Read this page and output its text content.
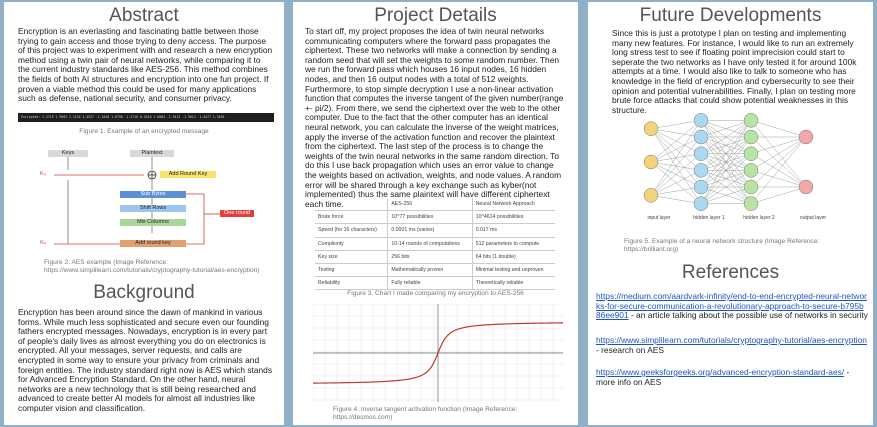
Abstract
Encryption is an everlasting and fascinating battle between those trying to gain access and those trying to deny access. The purpose of this project was to experiment with and research a new encryption method using a twin pair of neural networks, while comparing it to the current industry standards like AES-256. This method combines the fields of both AI structures and encryption into one fun project. If proven a viable method this could be used for many applications such as defense, national security, and consumer privacy.
Encrypted:-1.2719 1.9903 1.1134 1.4527 -1.1016 1.0798 -1.2710 0.5410 1.0084 -1.3413 -1.9614 -1.4477 1.3405
Figure 1. Example of an encrypted message
Keys	Plaintext
K₀	Add Round Key
Sub Bytes
Shift Rows
Mix Columns
Add round key
Kₙ
One round
Figure 2. AES example (Image Reference: https://www.simplilearn.com/tutorials/cryptography-tutorial/aes-encryption)
Background
Encryption has been around since the dawn of mankind in various forms. While much less sophisticated and secure even our founding fathers encrypted messages. Nowadays, encryption is in every part of people's daily lives as almost everything you do on electronics is encrypted. All your messages, server requests, and calls are encrypted in some way to ensure your privacy from criminals and foreign entities. The industry standard right now is AES which stands for Advanced Encryption Standard. On the other hand, neural networks are a new technology that is still being researched and advanced to create better AI models for almost all industries like computer vision and classification.
Project Details
To start off, my project proposes the idea of twin neural networks communicating computers where the forward pass propagates the ciphertext. These two networks will make a connection by sending a random seed that will set the weights to some random number. Then we run the forward pass which houses 16 input nodes, 16 hidden nodes, and then 16 output nodes with a total of 512 weights. Furthermore, to stop simple decryption I use a non-linear activation function that computes the inverse tangent of the given number(range +- pi/2). From there, we send the ciphertext over the web to the other computer. Due to the fact that the other computer has an identical neural network, you can calculate the inverse of the weight matrices, apply the inverse of the activation function and recover the plaintext from the ciphertext. The last step of the process is to change the weights of the twin neural networks in the same random direction. To do this I use back propagation which uses an error value to change the weights based on activation, weights, and node values. A random error will be shared through a key exchange such as kyber(not implemented) thus the same plaintext will have different ciphertext each time.
		AES-256	Neural Network Approach
Brute force	10^77 possibilities	10^4614 possibilities
Speed (for 16 characters)	0.0001 ms (varies)	0.017 ms
Complexity	10-14 rounds of computations	512 parameters to compute
Key size	256 bits	64 bits (1 double)
Testing	Mathematically proven	Minimal testing and unproven
Reliability	Fully reliable	Theoretically reliable
Figure 3. Chart I made comparing my encryption to AES-256
Figure 4. Inverse tangent activation function (Image Reference: https://desmos.com)
Future Developments
Since this is just a prototype I plan on testing and implementing many new features. For instance, I would like to run an extremely long stress test to see if floating point imprecision could start to seperate the two networks as I have only tested it for around 100k attempts at a time. I would also like to talk to someone who has knowledge in the field of encryption and cybersecurity to see their opinion and potential vulnerabilities. Finally, I plan on testing more brute force attacks that could show potential weaknesses in this structure.
input layer	hidden layer 1	hidden layer 2	output layer
Figure 5. Example of a neural network structure (Image Reference: https://brilliant.org)
References
https://medium.com/aardvark-infinity/end-to-end-encrypted-neural-networks-for-secure-communication-a-revolutionary-approach-to-secure-b795b86ee901 - an article talking about the possible use of networks in security
https://www.simplilearn.com/tutorials/cryptography-tutorial/aes-encryption - research on AES
https://www.geeksforgeeks.org/advanced-encryption-standard-aes/ - more info on AES
